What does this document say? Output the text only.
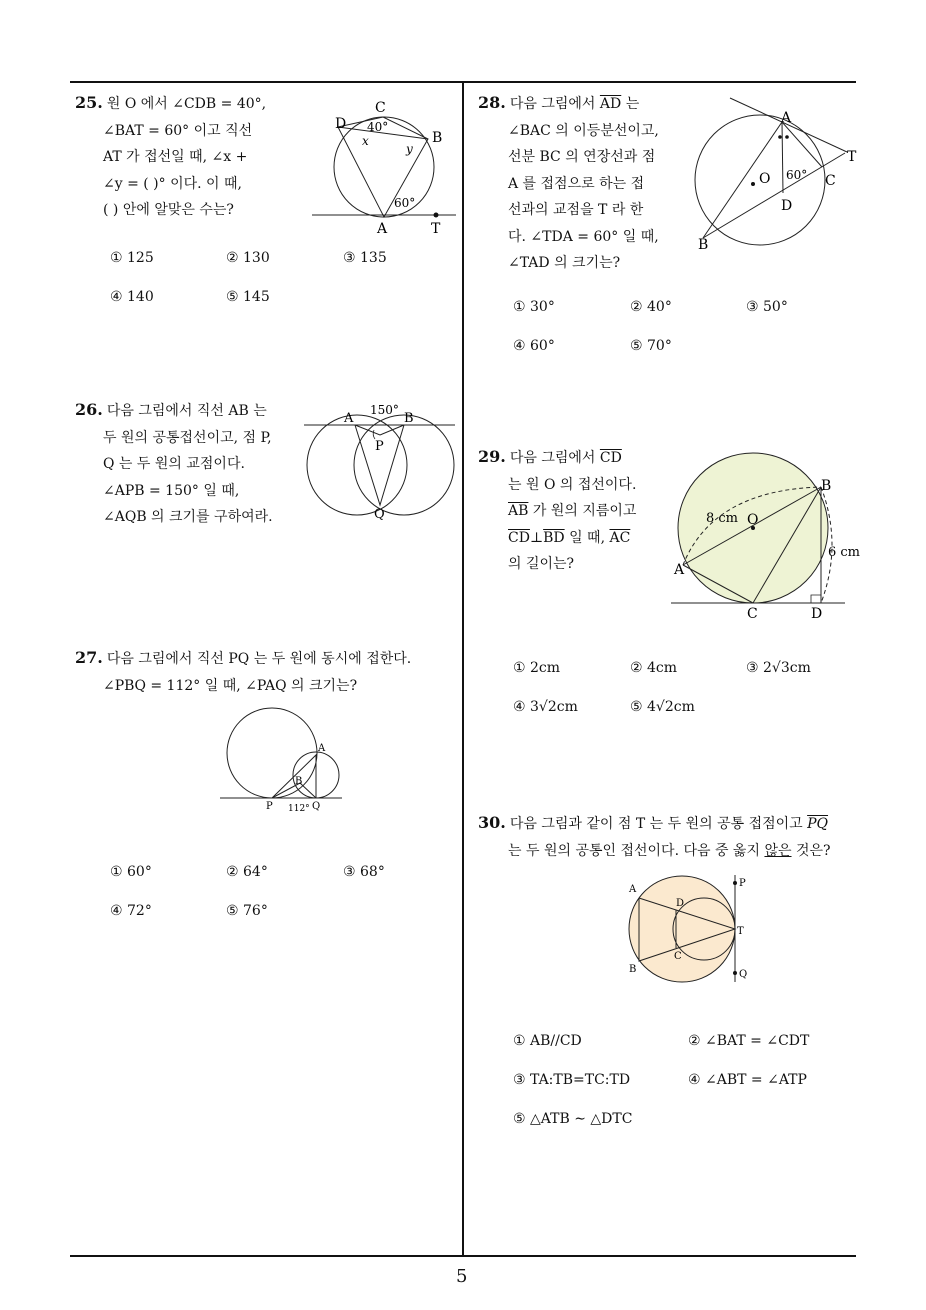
5
25. 원 O 에서 ∠CDB = 40°,
∠BAT = 60° 이고 직선
AT 가 접선일 때, ∠x +
∠y = ( )° 이다. 이 때,
( ) 안에 알맞은 수는?
C
D
B
A	T
40°
x
y
60°
① 125	② 130	③ 135
④ 140	⑤ 145
26. 다음 그림에서 직선 AB 는
두 원의 공통접선이고, 점 P,
Q 는 두 원의 교점이다.
∠APB = 150° 일 때,
∠AQB 의 크기를 구하여라.
A	B
150°
P
Q
27. 다음 그림에서 직선 PQ 는 두 원에 동시에 접한다.
∠PBQ = 112° 일 때, ∠PAQ 의 크기는?
A
B
P	Q
112°
① 60°	② 64°	③ 68°
④ 72°	⑤ 76°
28. 다음 그림에서 $\overline{AD}$ 는
∠BAC 의 이등분선이고,
선분 BC 의 연장선과 점
A 를 접점으로 하는 접
선과의 교점을 T 라 한
다. ∠TDA = 60° 일 때,
∠TAD 의 크기는?
A
T
C
D
B
O 60°
① 30°	② 40°	③ 50°
④ 60°	⑤ 70°
29. 다음 그림에서 $\overline{CD}$
는 원 O 의 접선이다.
$\overline{AB}$ 가 원의 지름이고
$\overline{CD}\perp\overline{BD}$ 일 때, $\overline{AC}$
의 길이는?
B
O
8 cm
6 cm
A
C	D
① 2cm	② 4cm	③ 2√3cm
④ 3√2cm	⑤ 4√2cm
30. 다음 그림과 같이 점 T 는 두 원의 공통 접점이고 $\overline{PQ}$
는 두 원의 공통인 접선이다. 다음 중 옳지 않은 것은?
A
B
D
C
P
T
Q
① AB//CD	② ∠BAT = ∠CDT
③ TA:TB=TC:TD	④ ∠ABT = ∠ATP
⑤ △ATB ∼ △DTC
